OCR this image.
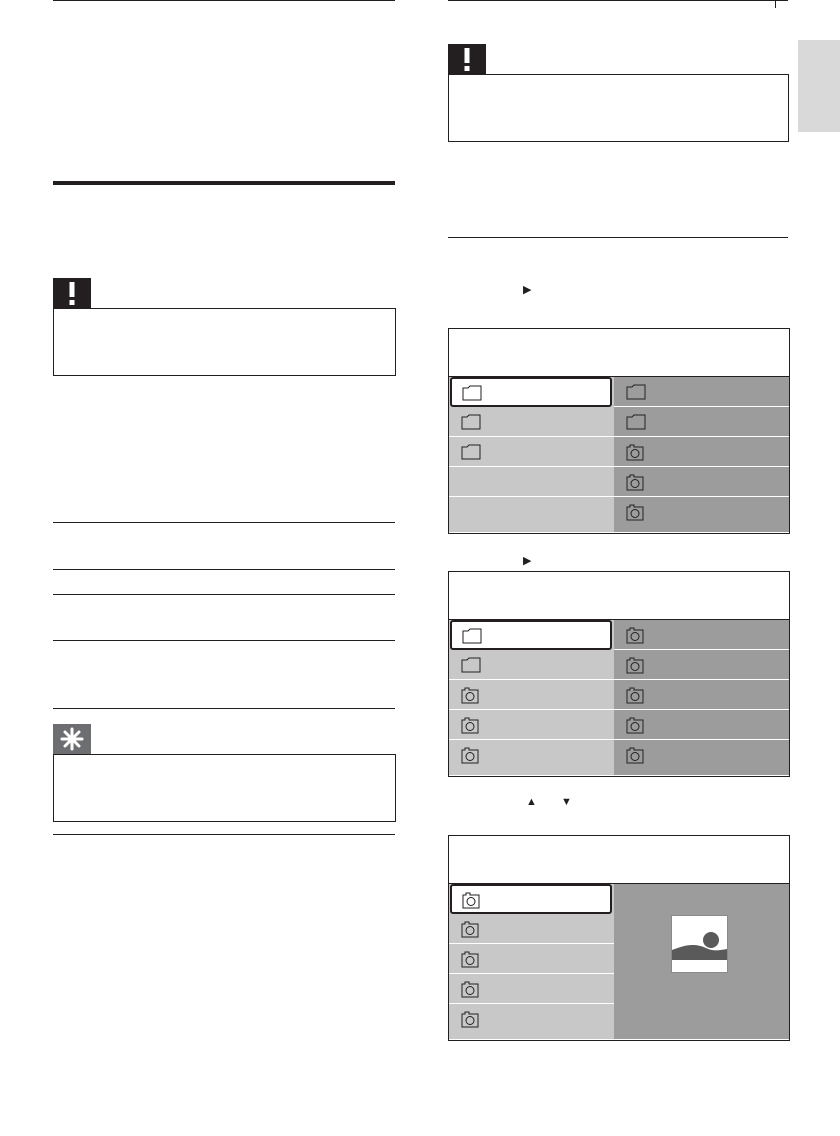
▶
▶
▲ ▼
